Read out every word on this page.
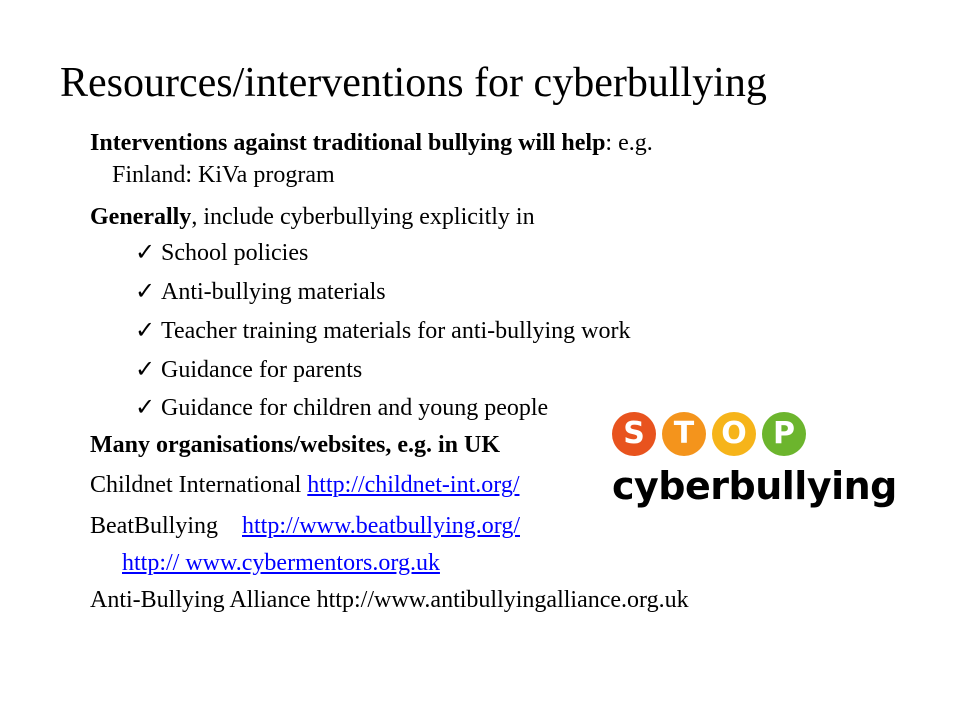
Resources/interventions for cyberbullying
Interventions against traditional bullying will help: e.g.
Finland: KiVa program
Generally, include cyberbullying explicitly in
✓ School policies
✓ Anti-bullying materials
✓ Teacher training materials for anti-bullying work
✓ Guidance for parents
✓ Guidance for children and young people
Many organisations/websites, e.g. in UK
Childnet International http://childnet-int.org/
BeatBullying http://www.beatbullying.org/
http:// www.cybermentors.org.uk
Anti-Bullying Alliance http://www.antibullyingalliance.org.uk
S T O P
cyberbullying
